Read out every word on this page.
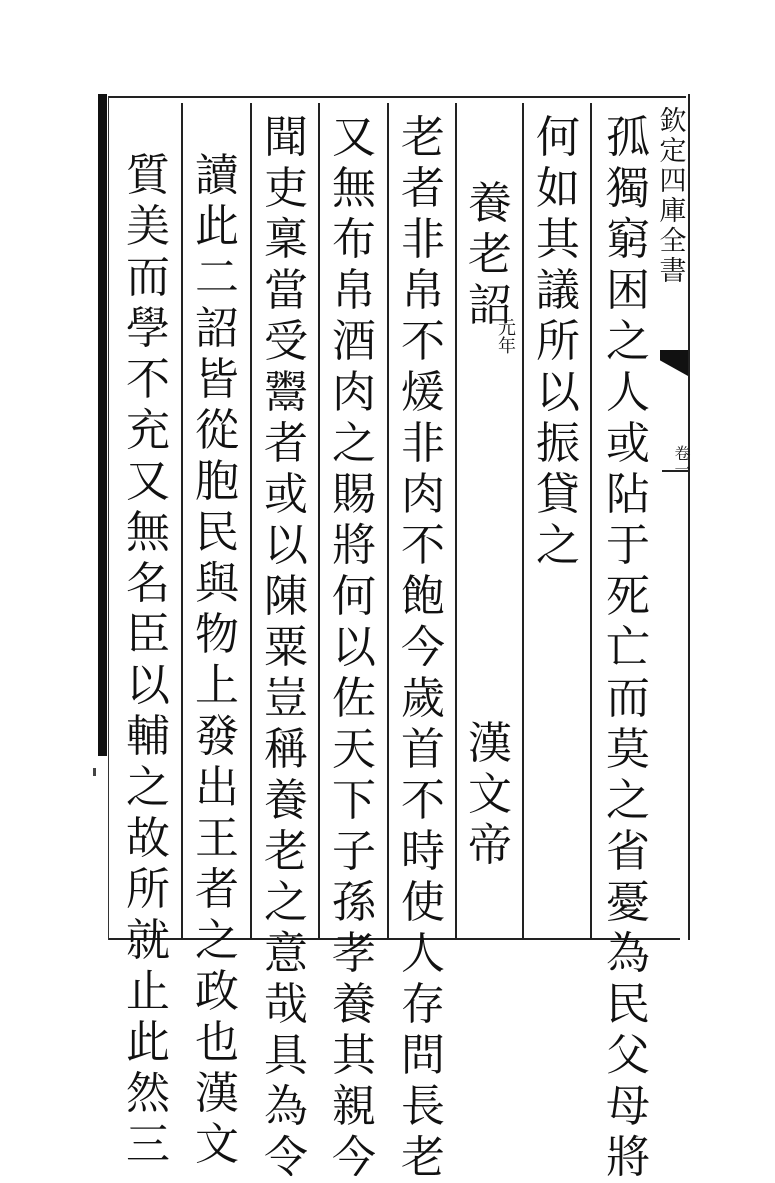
欽
定
四
庫
全
書
卷一
孤
獨
窮
困
之
人
或
阽
于
死
亡
而
莫
之
省
憂
為
民
父
母
將
何
如
其
議
所
以
振
貸
之
養
老
詔
元年
漢
文
帝
老
者
非
帛
不
煖
非
肉
不
飽
今
歲
首
不
時
使
人
存
問
長
老
又
無
布
帛
酒
肉
之
賜
將
何
以
佐
天
下
子
孫
孝
養
其
親
今
聞
吏
稟
當
受
鬻
者
或
以
陳
粟
豈
稱
養
老
之
意
哉
具
為
令
讀
此
二
詔
皆
從
胞
民
與
物
上
發
出
王
者
之
政
也
漢
文
質
美
而
學
不
充
又
無
名
臣
以
輔
之
故
所
就
止
此
然
三
